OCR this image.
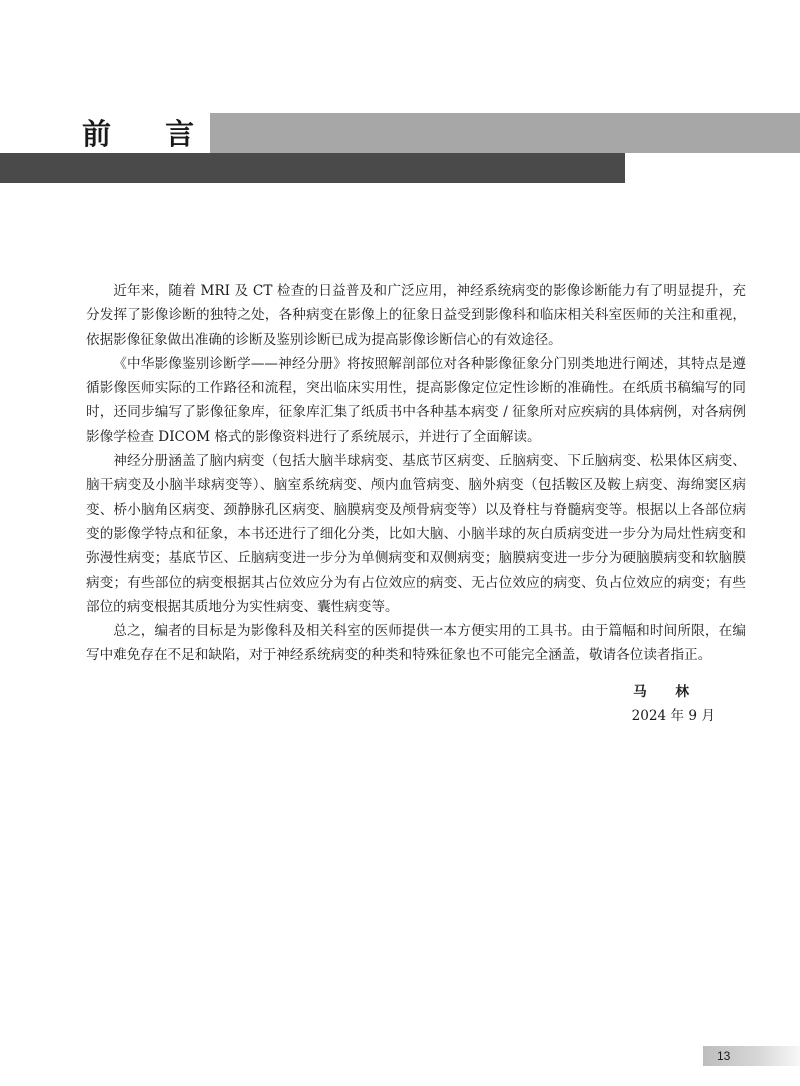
前 言

近年来，随着 MRI 及 CT 检查的日益普及和广泛应用，神经系统病变的影像诊断能力有了明显提升，充分发挥了影像诊断的独特之处，各种病变在影像上的征象日益受到影像科和临床相关科室医师的关注和重视，依据影像征象做出准确的诊断及鉴别诊断已成为提高影像诊断信心的有效途径。

《中华影像鉴别诊断学——神经分册》将按照解剖部位对各种影像征象分门别类地进行阐述，其特点是遵循影像医师实际的工作路径和流程，突出临床实用性，提高影像定位定性诊断的准确性。在纸质书稿编写的同时，还同步编写了影像征象库，征象库汇集了纸质书中各种基本病变 / 征象所对应疾病的具体病例，对各病例影像学检查 DICOM 格式的影像资料进行了系统展示，并进行了全面解读。

神经分册涵盖了脑内病变（包括大脑半球病变、基底节区病变、丘脑病变、下丘脑病变、松果体区病变、脑干病变及小脑半球病变等）、脑室系统病变、颅内血管病变、脑外病变（包括鞍区及鞍上病变、海绵窦区病变、桥小脑角区病变、颈静脉孔区病变、脑膜病变及颅骨病变等）以及脊柱与脊髓病变等。根据以上各部位病变的影像学特点和征象，本书还进行了细化分类，比如大脑、小脑半球的灰白质病变进一步分为局灶性病变和弥漫性病变；基底节区、丘脑病变进一步分为单侧病变和双侧病变；脑膜病变进一步分为硬脑膜病变和软脑膜病变；有些部位的病变根据其占位效应分为有占位效应的病变、无占位效应的病变、负占位效应的病变；有些部位的病变根据其质地分为实性病变、囊性病变等。

总之，编者的目标是为影像科及相关科室的医师提供一本方便实用的工具书。由于篇幅和时间所限，在编写中难免存在不足和缺陷，对于神经系统病变的种类和特殊征象也不可能完全涵盖，敬请各位读者指正。

马 林
2024 年 9 月
13
